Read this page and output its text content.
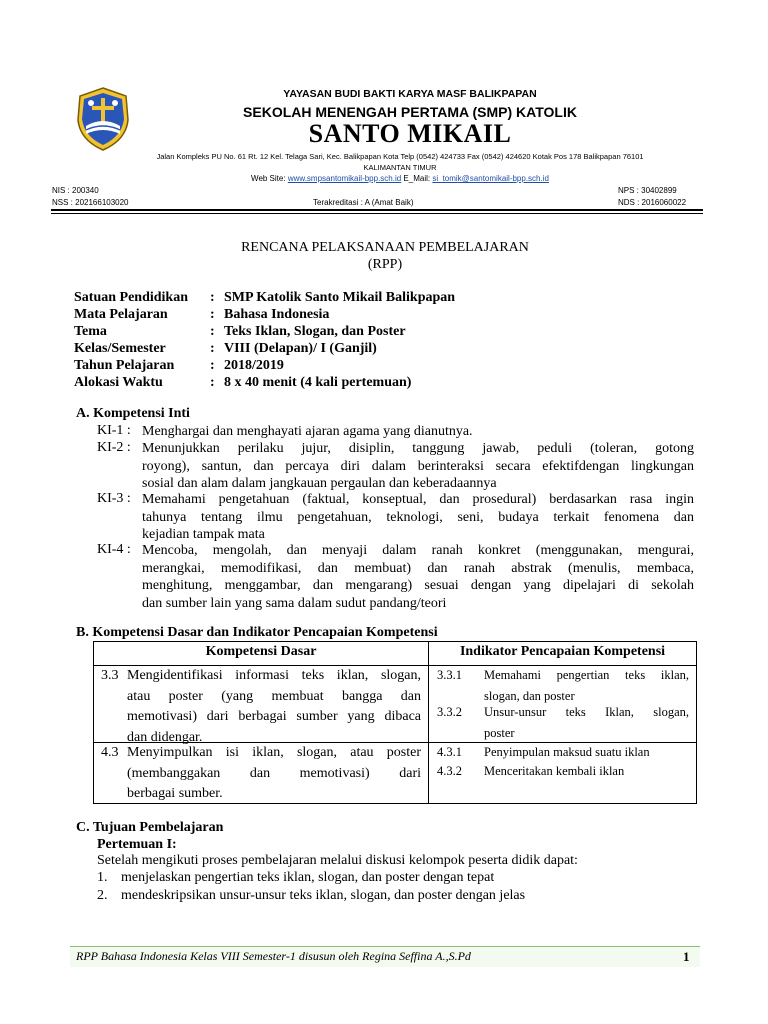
YAYASAN BUDI BAKTI KARYA MASF BALIKPAPAN
SEKOLAH MENENGAH PERTAMA (SMP) KATOLIK
SANTO MIKAIL
Jalan Kompleks PU No. 61 Rt. 12 Kel. Telaga Sari, Kec. Balikpapan Kota Telp (0542) 424733 Fax (0542) 424620 Kotak Pos 178 Balikpapan 76101
KALIMANTAN TIMUR
Web Site: www.smpsantomikail-bpp.sch.id E_Mail: si_tomik@santomikail-bpp.sch.id
NIS : 200340
NSS : 202166103020	Terakreditasi : A (Amat Baik)
NPS : 30402899
NDS : 2016060022
RENCANA PELAKSANAAN PEMBELAJARAN
(RPP)
Satuan Pendidikan : SMP Katolik Santo Mikail Balikpapan
Mata Pelajaran	: Bahasa Indonesia
Tema	: Teks Iklan, Slogan, dan Poster
Kelas/Semester	: VIII (Delapan)/ I (Ganjil)
Tahun Pelajaran	: 2018/2019
Alokasi Waktu	: 8 x 40 menit (4 kali pertemuan)
A. Kompetensi Inti
KI-1 : Menghargai dan menghayati ajaran agama yang dianutnya.
KI-2 : Menunjukkan perilaku jujur, disiplin, tanggung jawab, peduli (toleran, gotong
royong), santun, dan percaya diri dalam berinteraksi secara efektifdengan lingkungan
sosial dan alam dalam jangkauan pergaulan dan keberadaannya
KI-3 : Memahami pengetahuan (faktual, konseptual, dan prosedural) berdasarkan rasa ingin
tahunya tentang ilmu pengetahuan, teknologi, seni, budaya terkait fenomena dan
kejadian tampak mata
KI-4 : Mencoba, mengolah, dan menyaji dalam ranah konkret (menggunakan, mengurai,
merangkai, memodifikasi, dan membuat) dan ranah abstrak (menulis, membaca,
menghitung, menggambar, dan mengarang) sesuai dengan yang dipelajari di sekolah
dan sumber lain yang sama dalam sudut pandang/teori
B. Kompetensi Dasar dan Indikator Pencapaian Kompetensi
Kompetensi Dasar	Indikator Pencapaian Kompetensi
3.3 Mengidentifikasi informasi teks iklan, slogan,
atau poster (yang membuat bangga dan
memotivasi) dari berbagai sumber yang dibaca
dan didengar.
3.3.1	Memahami pengertian teks iklan,
slogan, dan poster
3.3.2	Unsur-unsur teks Iklan, slogan,
poster
4.3 Menyimpulkan isi iklan, slogan, atau poster
(membanggakan dan memotivasi) dari
berbagai sumber.
4.3.1	Penyimpulan maksud suatu iklan
4.3.2	Menceritakan kembali iklan
C. Tujuan Pembelajaran
Pertemuan I:
Setelah mengikuti proses pembelajaran melalui diskusi kelompok peserta didik dapat:
1. menjelaskan pengertian teks iklan, slogan, dan poster dengan tepat
2. mendeskripsikan unsur-unsur teks iklan, slogan, dan poster dengan jelas
RPP Bahasa Indonesia Kelas VIII Semester-1 disusun oleh Regina Seffina A.,S.Pd	1
